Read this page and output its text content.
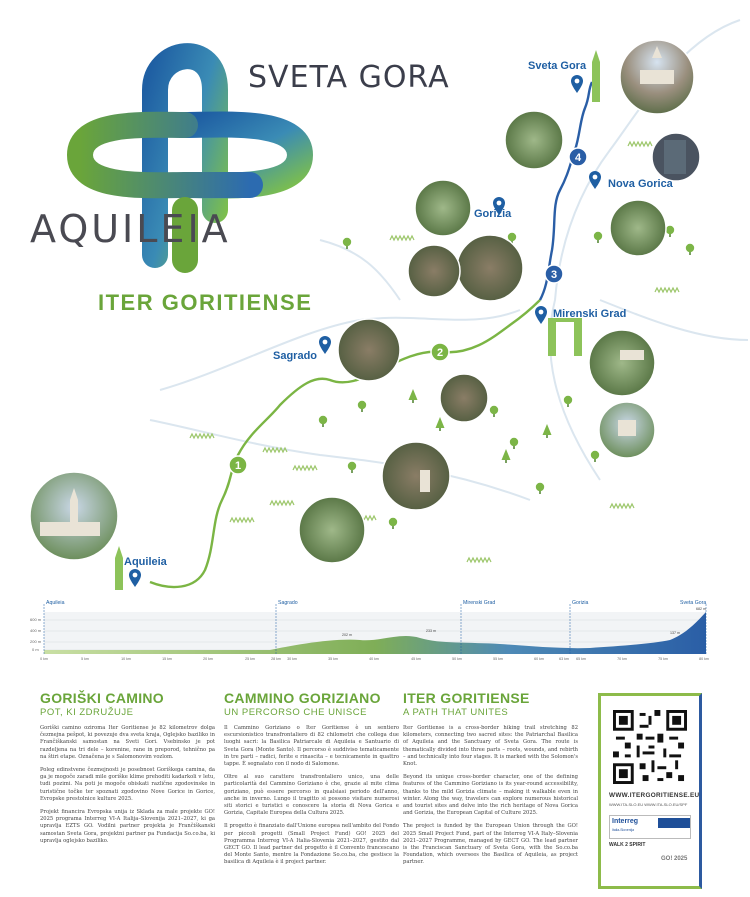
1
2
3
4
SVETA GORA
AQUILEIA
ITER GORITIENSE
Sveta Gora
Nova Gorica
Gorizia
Mirenski Grad
Sagrado
Aquileia
Aquileia	Sagrado	Mirenski Grad	Gorizia	Sveta Gora
600 m
400 m
200 m
0 m
0 km	5 km	10 km	15 km	20 km	25 km	28 km 30 km	35 km	40 km	45 km	50 km	55 km	60 km	63 km 65 km	70 km	75 km	80 km
202 m
233 m	137 m
682 m
GORIŠKI CAMINO
POT, KI ZDRUŽUJE

Goriški camino oziroma Iter Goritiense je 82 kilometrov dolga čezmejna pešpot, ki povezuje dva sveta kraja, Oglejsko baziliko in Frančiškanski samostan na Sveti Gori. Vsebinsko je pot razdeljena na tri dele – korenine, rane in preporod, tehnično pa na štiri etape. Označena je s Salomonovim vozlom.

Poleg edinstvene čezmejnosti je posebnost Goriškega camina, da ga je mogoče zaradi mile goriške klime prehoditi kadarkoli v letu, tudi pozimi. Na poti je mogoče obiskati različne zgodovinske in turistične točke ter spoznati zgodovino Nove Gorice in Gorice, Evropske prestolnice kulture 2025.

Projekt financira Evropska unija iz Sklada za male projekte GO! 2025 programa Interreg VI-A Italija–Slovenija 2021–2027, ki ga upravlja EZTS GO. Vodilni partner projekta je Frančiškanski samostan Sveta Gora, projektni partner pa Fundacija So.co.ba, ki upravlja oglejsko baziliko.

CAMMINO GORIZIANO
UN PERCORSO CHE UNISCE

Il Cammino Goriziano o Iter Goritiense è un sentiero escursionistico transfrontaliero di 82 chilometri che collega due luoghi sacri: la Basilica Patriarcale di Aquileia e Santuario di Sveta Gora (Monte Santo). Il percorso è suddiviso tematicamente in tre parti – radici, ferite e rinascita – e tecnicamente in quattro tappe. È segnalato con il nodo di Salomone.

Oltre al suo carattere transfrontaliero unico, una delle particolarità del Cammino Goriziano è che, grazie al mite clima goriziano, può essere percorso in qualsiasi periodo dell'anno, anche in inverno. Lungo il tragitto si possono visitare numerosi siti storici e turistici e conoscere la storia di Nova Gorica e Gorizia, Capitale Europea della Cultura 2025.

Il progetto è finanziato dall'Unione europea nell'ambito del Fondo per piccoli progetti (Small Project Fund) GO! 2025 del Programma Interreg VI-A Italia-Slovenia 2021–2027, gestito dal GECT GO. Il lead partner del progetto è il Convento francescano del Monte Santo, mentre la Fondazione So.co.ba, che gestisce la basilica di Aquileia è il project partner.

ITER GORITIENSE
A PATH THAT UNITES

Iter Goritiense is a cross-border hiking trail stretching 82 kilometers, connecting two sacred sites: the Patriarchal Basilica of Aquileia and the Sanctuary of Sveta Gora. The route is thematically divided into three parts – roots, wounds, and rebirth – and technically into four stages. It is marked with the Solomon's Knot.

Beyond its unique cross-border character, one of the defining features of the Cammino Goriziano is its year-round accessibility, thanks to the mild Gorizia climate – making it walkable even in winter. Along the way, travelers can explore numerous historical and tourist sites and delve into the rich heritage of Nova Gorica and Gorizia, the European Capital of Culture 2025.

The project is funded by the European Union through the GO! 2025 Small Project Fund, part of the Interreg VI-A Italy–Slovenia 2021–2027 Programme, managed by GECT GO. The lead partner is the Franciscan Sanctuary of Sveta Gora, with the So.co.ba Foundation, which oversees the Basilica of Aquileia, as project partner.

WWW.ITERGORITIENSE.EU
WWW.ITA-SLO.EU WWW.ITA-SLO.EU/SPF
Interreg
Italia-Slovenija
WALK 2 SPIRIT
GO! 2025
